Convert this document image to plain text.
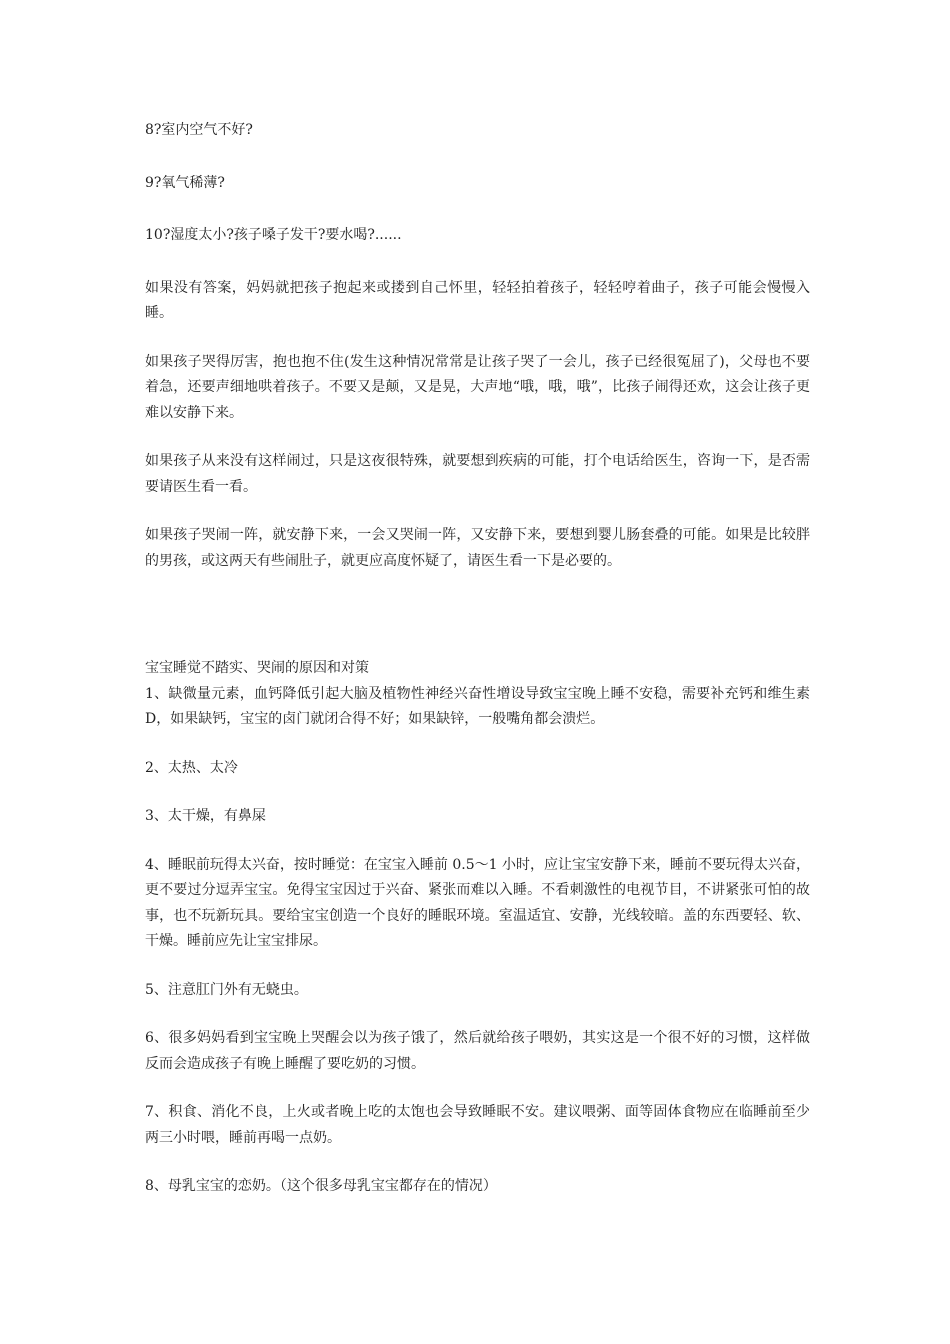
8?室内空气不好?

9?氧气稀薄?

10?湿度太小?孩子嗓子发干?要水喝?......

如果没有答案，妈妈就把孩子抱起来或搂到自己怀里，轻轻拍着孩子，轻轻哼着曲子，孩子可能会慢慢入睡。

如果孩子哭得厉害，抱也抱不住(发生这种情况常常是让孩子哭了一会儿，孩子已经很冤屈了)，父母也不要着急，还要声细地哄着孩子。不要又是颠，又是晃，大声地“哦，哦，哦”，比孩子闹得还欢，这会让孩子更难以安静下来。

如果孩子从来没有这样闹过，只是这夜很特殊，就要想到疾病的可能，打个电话给医生，咨询一下，是否需要请医生看一看。

如果孩子哭闹一阵，就安静下来，一会又哭闹一阵，又安静下来，要想到婴儿肠套叠的可能。如果是比较胖的男孩，或这两天有些闹肚子，就更应高度怀疑了，请医生看一下是必要的。

宝宝睡觉不踏实、哭闹的原因和对策

1、缺微量元素，血钙降低引起大脑及植物性神经兴奋性增设导致宝宝晚上睡不安稳，需要补充钙和维生素 D，如果缺钙，宝宝的卤门就闭合得不好；如果缺锌，一般嘴角都会溃烂。

2、太热、太冷

3、太干燥，有鼻屎

4、睡眠前玩得太兴奋，按时睡觉：在宝宝入睡前 0.5～1 小时，应让宝宝安静下来，睡前不要玩得太兴奋，更不要过分逗弄宝宝。免得宝宝因过于兴奋、紧张而难以入睡。不看刺激性的电视节目，不讲紧张可怕的故事，也不玩新玩具。要给宝宝创造一个良好的睡眠环境。室温适宜、安静，光线较暗。盖的东西要轻、软、干燥。睡前应先让宝宝排尿。

5、注意肛门外有无蛲虫。

6、很多妈妈看到宝宝晚上哭醒会以为孩子饿了，然后就给孩子喂奶，其实这是一个很不好的习惯，这样做反而会造成孩子有晚上睡醒了要吃奶的习惯。

7、积食、消化不良，上火或者晚上吃的太饱也会导致睡眠不安。建议喂粥、面等固体食物应在临睡前至少两三小时喂，睡前再喝一点奶。

8、母乳宝宝的恋奶。（这个很多母乳宝宝都存在的情况）
